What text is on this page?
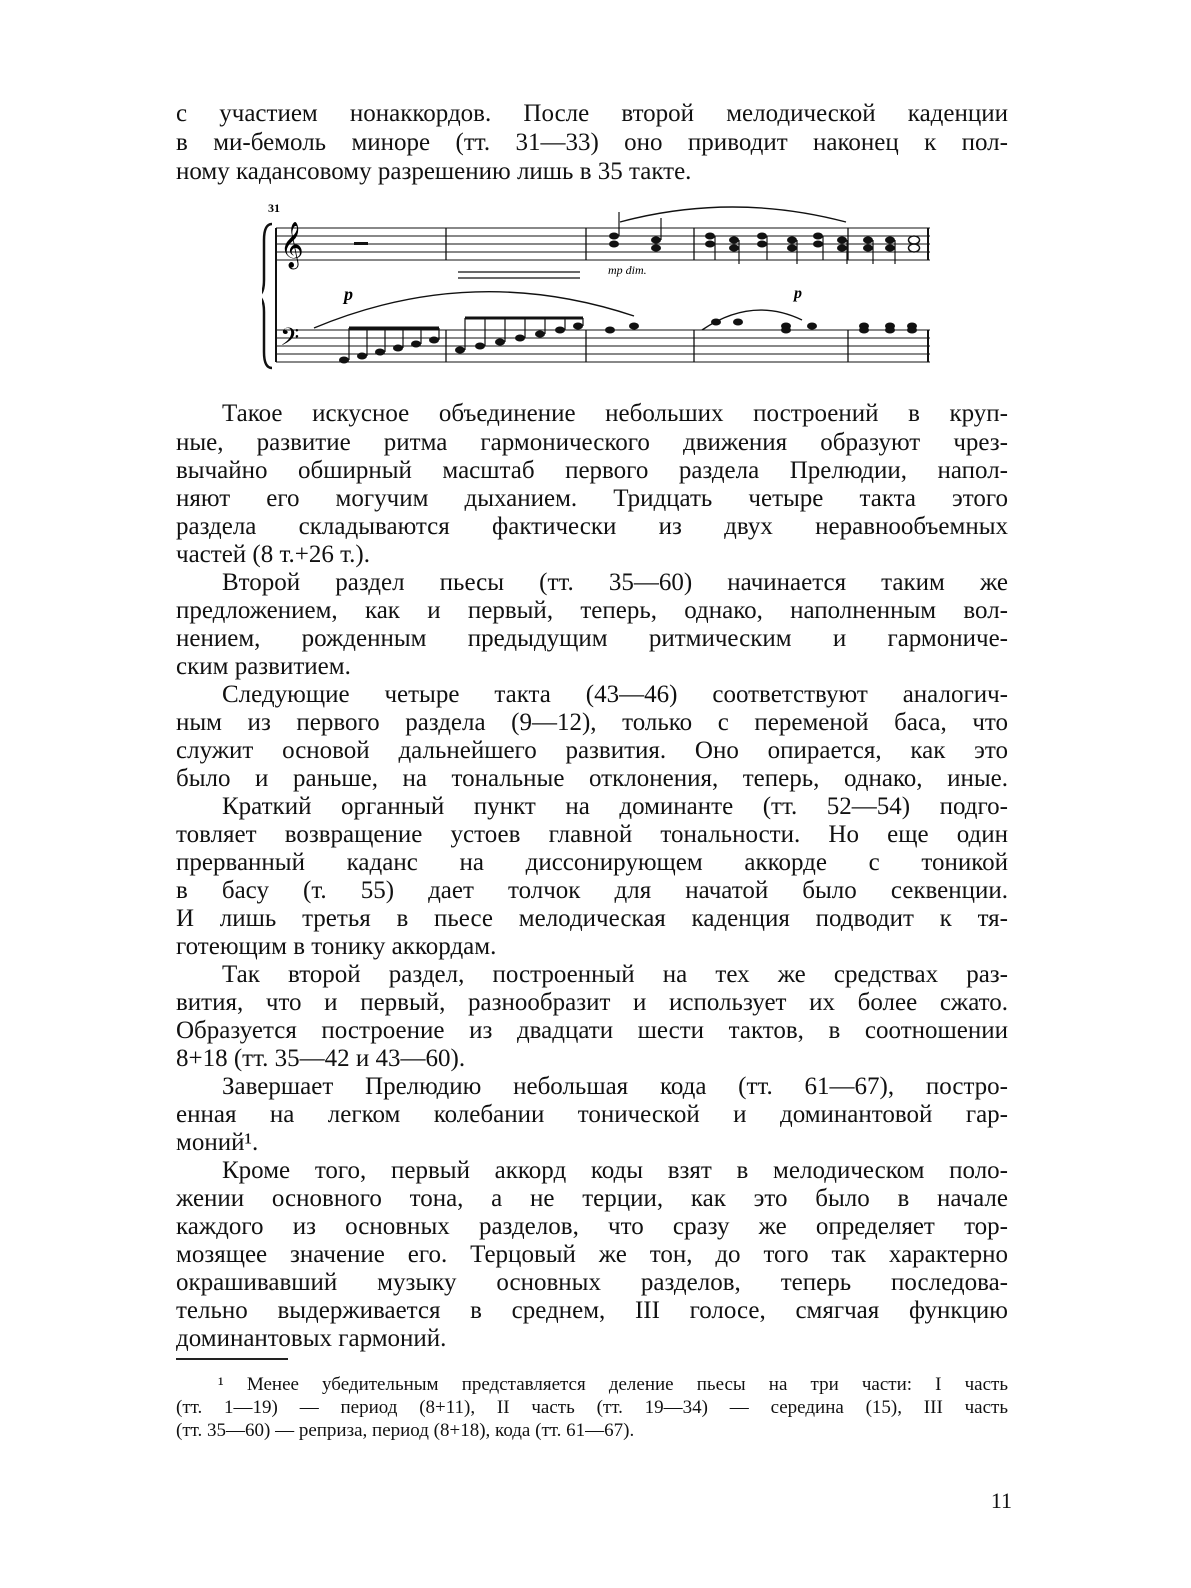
с участием нонаккордов. После второй мелодической каденции

в ми-бемоль миноре (тт. 31—33) оно приводит наконец к пол-

ному кадансовому разрешению лишь в 35 такте.

31
𝄞
𝄢
p
mp dim.
p

Такое искусное объединение небольших построений в круп-

ные, развитие ритма гармонического движения образуют чрез-

вычайно обширный масштаб первого раздела Прелюдии, напол-

няют его могучим дыханием. Тридцать четыре такта этого

раздела складываются фактически из двух неравнообъемных

частей (8 т.+26 т.).

Второй раздел пьесы (тт. 35—60) начинается таким же

предложением, как и первый, теперь, однако, наполненным вол-

нением, рожденным предыдущим ритмическим и гармониче-

ским развитием.

Следующие четыре такта (43—46) соответствуют аналогич-

ным из первого раздела (9—12), только с переменой баса, что

служит основой дальнейшего развития. Оно опирается, как это

было и раньше, на тональные отклонения, теперь, однако, иные.

Краткий органный пункт на доминанте (тт. 52—54) подго-

товляет возвращение устоев главной тональности. Но еще один

прерванный каданс на диссонирующем аккорде с тоникой

в басу (т. 55) дает толчок для начатой было секвенции.

И лишь третья в пьесе мелодическая каденция подводит к тя-

готеющим в тонику аккордам.

Так второй раздел, построенный на тех же средствах раз-

вития, что и первый, разнообразит и использует их более сжато.

Образуется построение из двадцати шести тактов, в соотношении

8+18 (тт. 35—42 и 43—60).

Завершает Прелюдию небольшая кода (тт. 61—67), постро-

енная на легком колебании тонической и доминантовой гар-

моний¹.

Кроме того, первый аккорд коды взят в мелодическом поло-

жении основного тона, а не терции, как это было в начале

каждого из основных разделов, что сразу же определяет тор-

мозящее значение его. Терцовый же тон, до того так характерно

окрашивавший музыку основных разделов, теперь последова-

тельно выдерживается в среднем, III голосе, смягчая функцию

доминантовых гармоний.

¹ Менее убедительным представляется деление пьесы на три части: I часть

(тт. 1—19) — период (8+11), II часть (тт. 19—34) — середина (15), III часть

(тт. 35—60) — реприза, период (8+18), кода (тт. 61—67).

11
